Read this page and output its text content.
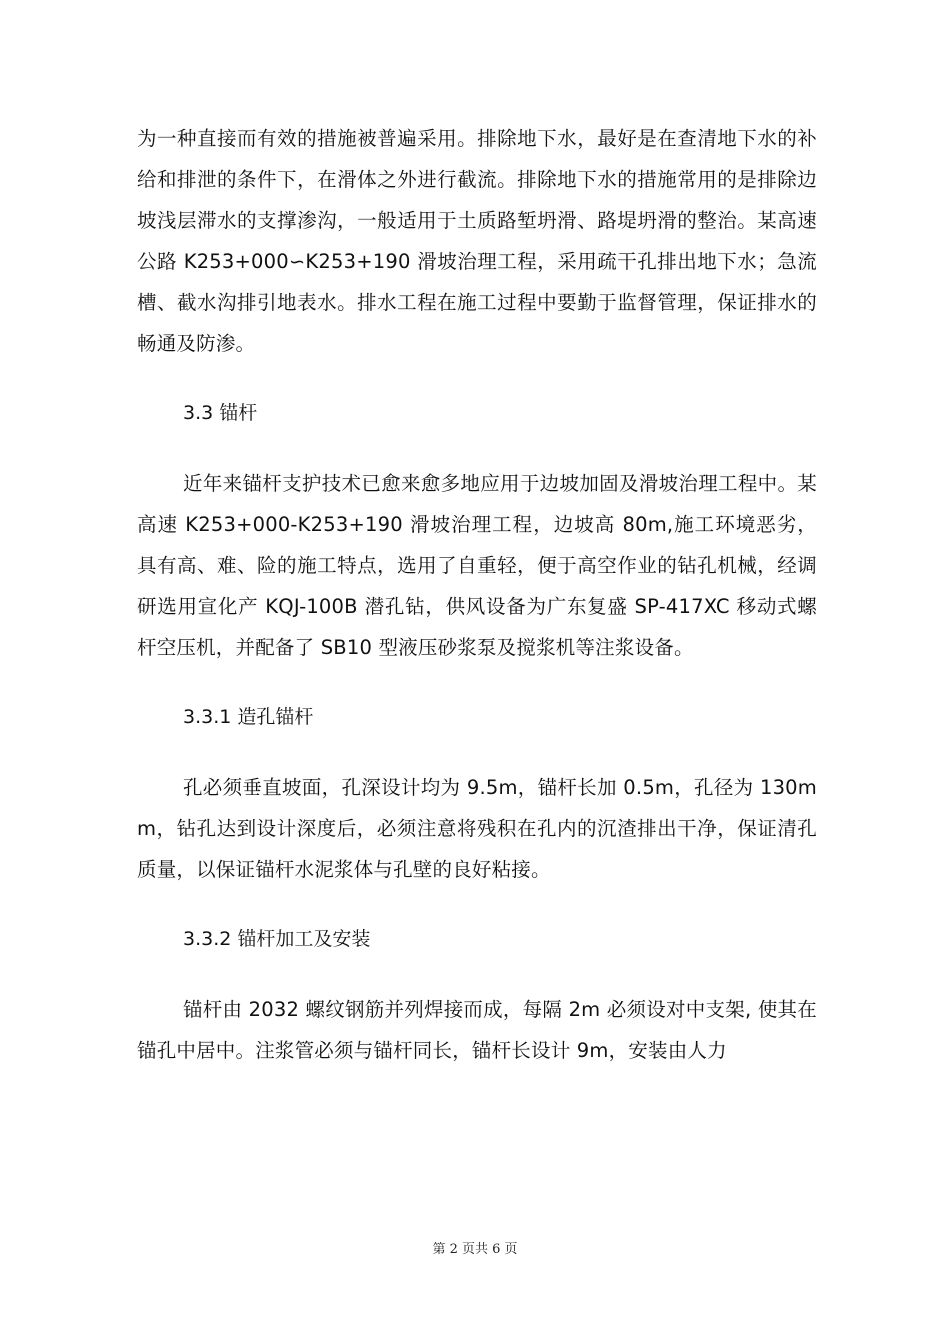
为一种直接而有效的措施被普遍采用。排除地下水，最好是在查清地下水的补给和排泄的条件下，在滑体之外进行截流。排除地下水的措施常用的是排除边坡浅层滞水的支撑渗沟，一般适用于土质路堑坍滑、路堤坍滑的整治。某高速公路 K253+000∽K253+190 滑坡治理工程，采用疏干孔排出地下水；急流槽、截水沟排引地表水。排水工程在施工过程中要勤于监督管理，保证排水的畅通及防渗。

3.3 锚杆

近年来锚杆支护技术已愈来愈多地应用于边坡加固及滑坡治理工程中。某高速 K253+000-K253+190 滑坡治理工程，边坡高 80m,施工环境恶劣，具有高、难、险的施工特点，选用了自重轻，便于高空作业的钻孔机械，经调研选用宣化产 KQJ-100B 潜孔钻，供风设备为广东复盛 SP-417XC 移动式螺杆空压机，并配备了 SB10 型液压砂浆泵及搅浆机等注浆设备。

3.3.1 造孔锚杆

孔必须垂直坡面，孔深设计均为 9.5m，锚杆长加 0.5m，孔径为 130mm，钻孔达到设计深度后，必须注意将残积在孔内的沉渣排出干净，保证清孔质量，以保证锚杆水泥浆体与孔壁的良好粘接。

3.3.2 锚杆加工及安装

锚杆由 2032 螺纹钢筋并列焊接而成，每隔 2m 必须设对中支架, 使其在锚孔中居中。注浆管必须与锚杆同长，锚杆长设计 9m，安装由人力

第 2 页共 6 页
